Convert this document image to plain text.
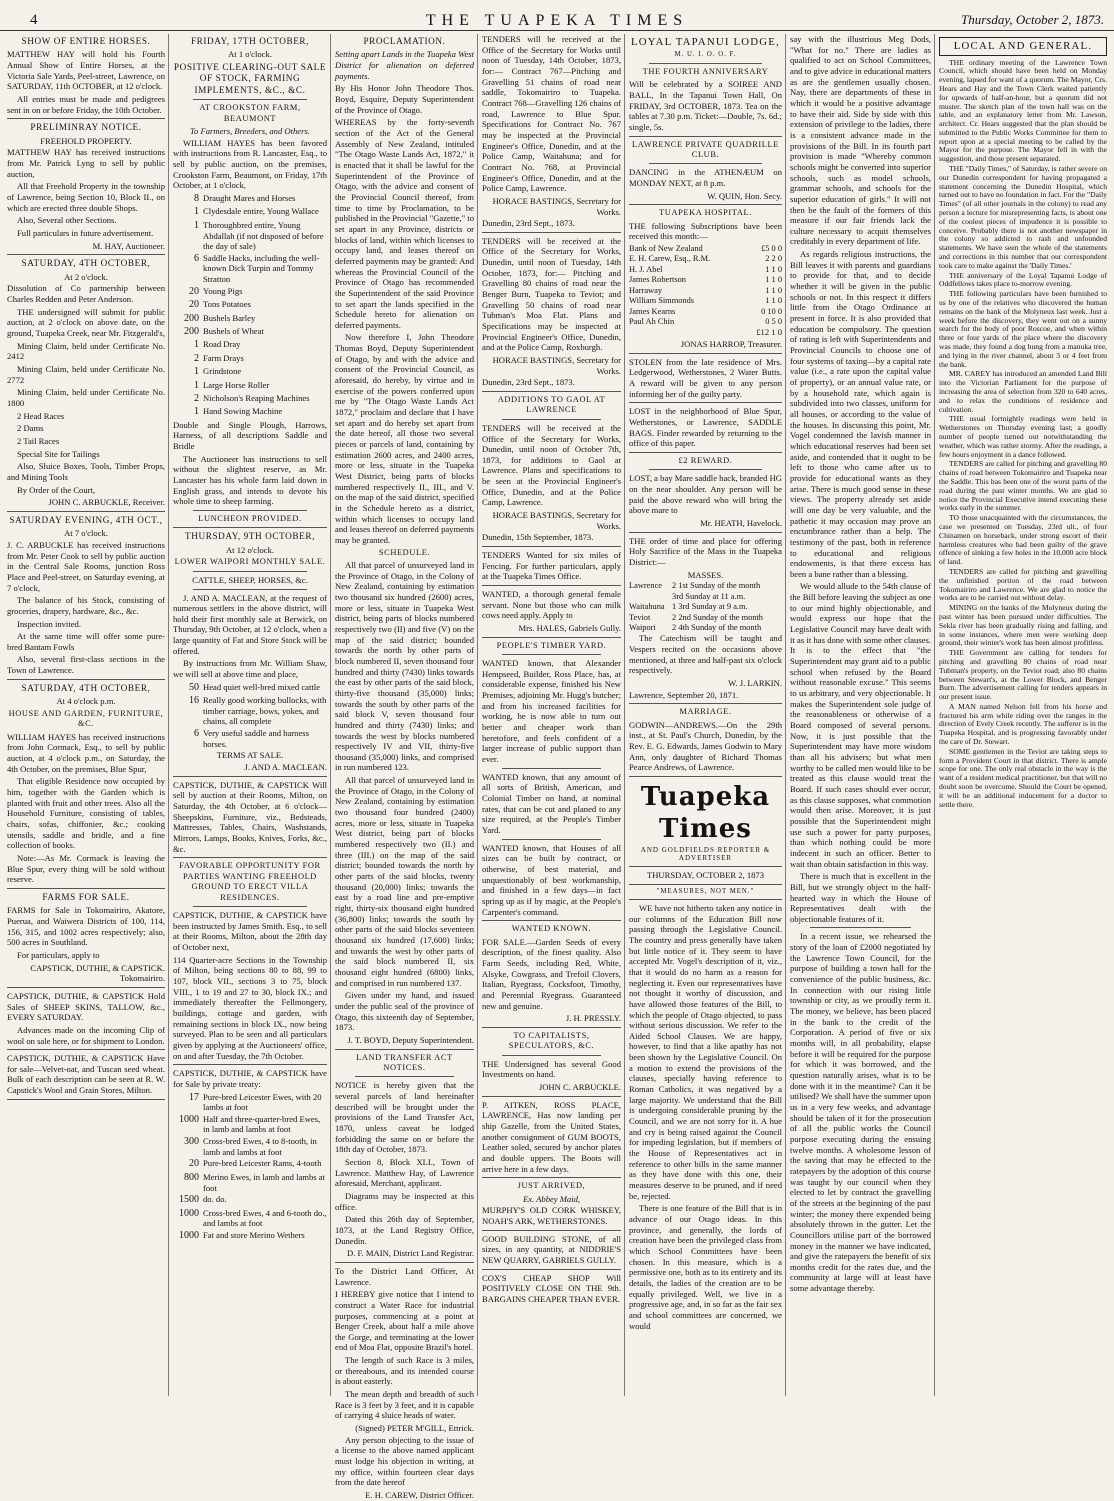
4	THE TUAPEKA TIMES	Thursday, October 2, 1873.
SHOW OF ENTIRE HORSES.

MATTHEW HAY will hold his Fourth Annual Show of Entire Horses, at the Victoria Sale Yards, Peel-street, Lawrence, on SATURDAY, 11th OCTOBER, at 12 o'clock.

All entries must be made and pedigrees sent in on or before Friday, the 10th October.

PRELIMINRAY NOTICE.
FREEHOLD PROPERTY.

MATTHEW HAY has received instructions from Mr. Patrick Lyng to sell by public auction,

All that Freehold Property in the township of Lawrence, being Section 10, Block II., on which are erected three double Shops.

Also, Several other Sections.

Full particulars in future advertisement.

M. HAY, Auctioneer.
SATURDAY, 4TH OCTOBER,
At 2 o'clock.

Dissolution of Co partnership between Charles Redden and Peter Anderson.

THE undersigned will submit for public auction, at 2 o'clock on above date, on the ground, Tuapeka Creek, near Mr. Fitzgerald's,

Mining Claim, held under Certificate No. 2412

Mining Claim, held under Certificate No. 2772

Mining Claim, held under Certificate No. 1800

2 Head Races

2 Dams

2 Tail Races

Special Site for Tailings

Also, Sluice Boxes, Tools, Timber Props, and Mining Tools

By Order of the Court,

JOHN C. ARBUCKLE, Receiver.
SATURDAY EVENING, 4TH OCT.,
At 7 o'clock.

J. C. ARBUCKLE has received instructions from Mr. Peter Cook to sell by public auction in the Central Sale Rooms, junction Ross Place and Peel-street, on Saturday evening, at 7 o'clock,

The balance of his Stock, consisting of groceries, drapery, hardware, &c., &c.

Inspection invited.

At the same time will offer some pure-bred Bantam Fowls

Also, several first-class sections in the Town of Lawrence.

SATURDAY, 4TH OCTOBER,
At 4 o'clock p.m.
HOUSE AND GARDEN, FURNITURE, &C.

WILLIAM HAYES has received instructions from John Cormack, Esq., to sell by public auction, at 4 o'clock p.m., on Saturday, the 4th October, on the premises, Blue Spur,

That eligible Residence now occupied by him, together with the Garden which is planted with fruit and other trees. Also all the Household Furniture, consisting of tables, chairs, sofas, chiffonier, &c.; cooking utensils, saddle and bridle, and a fine collection of books.

Note:—As Mr. Cormack is leaving the Blue Spur, every thing will be sold without reserve.

FARMS FOR SALE.

FARMS for Sale in Tokomairiro, Akatore, Puerua, and Waiwera Districts of 100, 114, 156, 315, and 1002 acres respectively; also, 500 acres in Southland.

For particulars, apply to

CAPSTICK, DUTHIE, & CAPSTICK. Tokomairiro.

CAPSTICK, DUTHIE, & CAPSTICK Hold Sales of SHEEP SKINS, TALLOW, &c., EVERY SATURDAY.

Advances made on the incoming Clip of wool on sale here, or for shipment to London.

CAPSTICK, DUTHIE, & CAPSTICK Have for sale—Velvet-oat, and Tuscan seed wheat. Bulk of each description can be seen at R. W. Capstick's Wool and Grain Stores, Milton.

FRIDAY, 17TH OCTOBER,
At 1 o'clock.
POSITIVE CLEARING-OUT SALE OF STOCK, FARMING IMPLEMENTS, &C., &C.
AT CROOKSTON FARM, BEAUMONT
To Farmers, Breeders, and Others.

WILLIAM HAYES has been favored with instructions from R. Lancaster, Esq., to sell by public auction, on the premises, Crookston Farm, Beaumont, on Friday, 17th October, at 1 o'clock,

8 Draught Mares and Horses
1 Clydesdale entire, Young Wallace
1 Thoroughbred entire, Young Abdallah (if not disposed of before the day of sale)
6 Saddle Hacks, including the well-known Dick Turpin and Tommy Stratton
20 Young Pigs
20 Tons Potatoes
200 Bushels Barley
200 Bushels of Wheat
1 Road Dray
2 Farm Drays
1 Grindstone
1 Large Horse Roller
2 Nicholson's Reaping Machines
1 Hand Sowing Machine

Double and Single Plough, Harrows, Harness, of all descriptions Saddle and Bridle

The Auctioneer has instructions to sell without the slightest reserve, as Mr. Lancaster has his whole farm laid down in English grass, and intends to devote his whole time to sheep farming.

LUNCHEON PROVIDED.
THURSDAY, 9TH OCTOBER,
At 12 o'clock.
LOWER WAIPORI MONTHLY SALE.
CATTLE, SHEEP, HORSES, &c.

J. AND A. MACLEAN, at the request of numerous settlers in the above district, will hold their first monthly sale at Berwick, on Thursday, 9th October, at 12 o'clock, when a large quantity of Fat and Store Stock will be offered.

By instructions from Mr. William Shaw, we will sell at above time and place,

50 Head quiet well-bred mixed cattle
16 Really good working bullocks, with timber carriage, bows, yokes, and chains, all complete
6 Very useful saddle and harness horses.
TERMS AT SALE.
J. AND A. MACLEAN.

CAPSTICK, DUTHIE, & CAPSTICK Will sell by auction at their Rooms, Milton, on Saturday, the 4th October, at 6 o'clock— Sheepskins, Furniture, viz., Bedsteads, Mattresses, Tables, Chairs, Washstands, Mirrors, Lamps, Books, Knives, Forks, &c., &c.

FAVORABLE OPPORTUNITY FOR PARTIES WANTING FREEHOLD GROUND TO ERECT VILLA RESIDENCES.

CAPSTICK, DUTHIE, & CAPSTICK have been instructed by James Smith. Esq., to sell at their Rooms, Milton, about the 28th day of October next,

114 Quarter-acre Sections in the Township of Milton, being sections 80 to 88, 99 to 107, block VII., sections 3 to 75, block VIII., 1 to 19 and 27 to 30, block IX.; and immediately thereafter the Fellmongery, buildings, cottage and garden, with remaining sections in block IX., now being surveyed. Plan to be seen and all particulars given by applying at the Auctioneers' office, on and after Tuesday, the 7th October.

CAPSTICK, DUTHIE, & CAPSTICK have for Sale by private treaty:

17 Pure-bred Leicester Ewes, with 20 lambs at foot
1000 Half and three-quarter-bred Ewes, in lamb and lambs at foot
300 Cross-bred Ewes, 4 to 8-tooth, in lamb and lambs at foot
20 Pure-bred Leicester Rams, 4-tooth
800 Merino Ewes, in lamb and lambs at foot
1500 do. do.
1000 Cross-bred Ewes, 4 and 6-tooth do., and lambs at foot
1000 Fat and store Merino Wethers
PROCLAMATION.

Setting apart Lands in the Tuapeka West District for alienation on deferred payments.

By His Honor John Theodore Thos. Boyd, Esquire, Deputy Superintendent of the Province of Otago.

WHEREAS by the forty-seventh section of the Act of the General Assembly of New Zealand, intituled "The Otago Waste Lands Act, 1872," it is enacted that it shall be lawful for the Superintendent of the Province of Otago, with the advice and consent of the Provincial Council thereof, from time to time by Proclamation, to be published in the Provincial "Gazette," to set apart in any Province, districts or blocks of land, within which licenses to occupy land, and leases thereof on deferred payments may be granted: And whereas the Provincial Council of the Province of Otago has recommended the Superintendent of the said Province to set apart the lands specified in the Schedule hereto for alienation on deferred payments.

Now therefore I, John Theodore Thomas Boyd, Deputy Superintendent of Otago, by and with the advice and consent of the Provincial Council, as aforesaid, do hereby, by virtue and in exercise of the powers conferred upon me by "The Otago Waste Lands Act 1872," proclaim and declare that I have set apart and do hereby set apart from the date hereof, all those two several pieces or parcels of land, containing by estimation 2600 acres, and 2400 acres, more or less, situate in the Tuapeka West District, being parts of blocks numbered respectively II., III., and V. on the map of the said district, specified in the Schedule hereto as a district, within which licenses to occupy land and leases thereof on deferred payments may be granted.

SCHEDULE.

All that parcel of unsurveyed land in the Province of Otago, in the Colony of New Zealand, containing by estimation two thousand six hundred (2600) acres, more or less, situate in Tuapeka West district, being parts of blocks numbered respectively two (II) and five (V) on the map of the said district; bounded towards the north by other parts of block numbered II, seven thousand four hundred and thirty (7430) links towards the east by other parts of the said block, thirty-five thousand (35,000) links; towards the south by other parts of the said block V, seven thousand four hundred and thirty (7430) links; and towards the west by blocks numbered respectively IV and VII, thirty-five thousand (35,000) links, and comprised in run numbered 123.

All that parcel of unsurveyed land in the Province of Otago, in the Colony of New Zealand, containing by estimation two thousand four hundred (2400) acres, more or less, situate in Tuapeka West district, being part of blocks numbered respectively two (II.) and three (III.) on the map of the said district; bounded towards the north by other parts of the said blocks, twenty thousand (20,000) links; towards the east by a road line and pre-emptive right, thirty-six thousand eight hundred (36,800) links; towards the south by other parts of the said blocks seventeen thousand six hundred (17,600) links; and towards the west by other parts of the said block numbered II, six thousand eight hundred (6800) links, and comprised in run numbered 137.

Given under my hand, and issued under the public seal of the province of Otago, this sixteenth day of September, 1873.

J. T. BOYD, Deputy Superintendent.
LAND TRANSFER ACT NOTICES.

NOTICE is hereby given that the several parcels of land hereinafter described will be brought under the provisions of the Land Transfer Act, 1870, unless caveat be lodged forbidding the same on or before the 18th day of October, 1873.

Section 8, Block XLI., Town of Lawrence. Matthew Hay, of Lawrence aforesaid, Merchant, applicant.

Diagrams may be inspected at this office.

Dated this 26th day of September, 1873, at the Land Registry Office, Dunedin.

D. F. MAIN, District Land Registrar.

To the District Land Officer, At Lawrence.

I HEREBY give notice that I intend to construct a Water Race for industrial purposes, commencing at a point at Benger Creek, about half a mile above the Gorge, and terminating at the lower end of Moa Flat, opposite Brazil's hotel.

The length of such Race is 3 miles, or thereabouts, and its intended course is about easterly.

The mean depth and breadth of such Race is 3 feet by 3 feet, and it is capable of carrying 4 sluice heads of water.

(Signed) PETER M'GILL, Ettrick.

Any person objecting to the issue of a license to the above named applicant must lodge his objection in writing, at my office, within fourteen clear days from the date hereof

E. H. CAREW, District Officer.

TENDERS will be received at the Office of the Secretary for Works until noon of Tuesday, 14th October, 1873, for:— Contract 767—Pitching and Gravelling 51 chains of road near saddle, Tokomairiro to Tuapeka. Contract 768—Gravelling 126 chains of road, Lawrence to Blue Spur. Specifications for Contract No. 767 may be inspected at the Provincial Engineer's Office, Dunedin, and at the Police Camp, Waitahuna; and for Contract No. 768, at Provincial Engineer's Office, Dunedin, and at the Police Camp, Lawrence.

HORACE BASTINGS, Secretary for Works.
Dunedin, 23rd Sept., 1873.

TENDERS will be received at the Office of the Secretary for Works, Dunedin, until noon of Tuesday, 14th October, 1873, for:— Pitching and Gravelling 80 chains of road near the Benger Burn, Tuapeka to Teviot; and Gravelling 50 chains of road near Tubman's Moa Flat. Plans and Specifications may be inspected at Provincial Engineer's Office, Dunedin, and at the Police Camp, Roxburgh.

HORACE BASTINGS, Secretary for Works.
Dunedin, 23rd Sept., 1873.
ADDITIONS TO GAOL AT LAWRENCE

TENDERS will be received at the Office of the Secretary for Works, Dunedin, until noon of October 7th, 1873, for additions to Gaol at Lawrence. Plans and specifications to be seen at the Provincial Engineer's Office, Dunedin, and at the Police Camp, Lawrence.

HORACE BASTINGS, Secretary for Works.
Dunedin, 15th September, 1873.

TENDERS Wanted for six miles of Fencing. For further particulars, apply at the Tuapeka Times Office.

WANTED, a thorough general female servant. None but those who can milk cows need apply. Apply to

Mrs. HALES, Gabriels Gully.
PEOPLE'S TIMBER YARD.

WANTED known, that Alexander Hempseed, Builder, Ross Place, has, at considerable expense, finished his New Premises, adjoining Mr. Hugg's butcher; and from his increased facilities for working, he is now able to turn out better and cheaper work than heretofore, and feels confident of a larger increase of public support than ever.

WANTED known, that any amount of all sorts of British, American, and Colonial Timber on hand, at nominal rates, that can be cut and planed to any size required, at the People's Timber Yard.

WANTED known, that Houses of all sizes can be built by contract, or otherwise, of best material, and unquestionably of best workmanship, and finished in a few days—in fact spring up as if by magic, at the People's Carpenter's command.

WANTED KNOWN.

FOR SALE.—Garden Seeds of every description, of the finest quality. Also Farm Seeds, including Red, White, Alsyke, Cowgrass, and Trefoil Clovers, Italian, Ryegrass, Cocksfoot, Timothy, and Perennial Ryegrass. Guaranteed new and genuine.

J. H. PRESSLY.
TO CAPITALISTS, SPECULATORS, &C.

THE Undersigned has several Good Investments on hand.

JOHN C. ARBUCKLE.

P. AITKEN, ROSS PLACE, LAWRENCE, Has now landing per ship Gazelle, from the United States, another consignment of GUM BOOTS, Leather soled, secured by anchor plates and double uppers. The Boots will arrive here in a few days.

JUST ARRIVED,
Ex. Abbey Maid,

MURPHY'S OLD CORK WHISKEY, NOAH'S ARK, WETHERSTONES.

GOOD BUILDING STONE, of all sizes, in any quantity, at NIDDRIE'S NEW QUARRY, GABRIELS GULLY.

COX'S CHEAP SHOP Will POSITIVELY CLOSE ON THE 9th. BARGAINS CHEAPER THAN EVER.

LOYAL TAPANUI LODGE,
M. U. I. O. O. F.
THE FOURTH ANNIVERSARY

Will be celebrated by a SOIREE AND BALL, In the Tapanui Town Hall, On FRIDAY, 3rd OCTOBER, 1873. Tea on the tables at 7.30 p.m. Ticket:—Double, 7s. 6d.; single, 5s.

LAWRENCE PRIVATE QUADRILLE CLUB.

DANCING in the ATHENÆUM on MONDAY NEXT, at 8 p.m.

W. QUIN, Hon. Secy.
TUAPEKA HOSPITAL.

THE following Subscriptions have been received this month:—

Bank of New Zealand	£5 0 0
E. H. Carew, Esq., R.M.	2 2 0
H. J. Abel	1 1 0
James Robertson	1 1 0
Harraway	1 1 0
William Simmonds	1 1 0
James Kearns	0 10 0
Paul Ah Chin	0 5 0
£12 1 0
JONAS HARROP, Treasurer.

STOLEN from the late residence of Mrs. Ledgerwood, Wetherstones, 2 Water Butts. A reward will be given to any person informing her of the guilty party.

LOST in the neighborhood of Blue Spur, Wetherstones, or Lawrence, SADDLE BAGS. Finder rewarded by returning to the office of this paper.

£2 REWARD.

LOST, a bay Mare saddle hack, branded HG on the near shoulder. Any person will be paid the above reward who will bring the above mare to

Mr. HEATH, Havelock.

THE order of time and place for offering Holy Sacrifice of the Mass in the Tuapeka District:—

MASSES.
Lawrence	2 1st Sunday of the month
	3rd Sunday at 11 a.m.
Waitahuna	1 3rd Sunday at 9 a.m.
Teviot	2 2nd Sunday of the month
Waipori	2 4th Sunday of the month

The Catechism will be taught and Vespers recited on the occasions above mentioned, at three and half-past six o'clock respectively.

W. J. LARKIN.
Lawrence, September 20, 1871.
MARRIAGE.

GODWIN—ANDREWS.—On the 29th inst., at St. Paul's Church, Dunedin, by the Rev. E. G. Edwards, James Godwin to Mary Ann, only daughter of Richard Thomas Pearce Andrews, of Lawrence.

Tuapeka Times
AND GOLDFIELDS REPORTER & ADVERTISER
THURSDAY, OCTOBER 2, 1873
"MEASURES, NOT MEN."

WE have not hitherto taken any notice in our columns of the Education Bill now passing through the Legislative Council. The country and press generally have taken but little notice of it. They seem to have accepted Mr. Vogel's description of it, viz., that it would do no harm as a reason for neglecting it. Even our representatives have not thought it worthy of discussion, and have allowed those features of the Bill, to which the people of Otago objected, to pass without serious discussion. We refer to the Aided School Clauses. We are happy, however, to find that a like apathy has not been shown by the Legislative Council. On a motion to extend the provisions of the clauses, specially having reference to Roman Catholics, it was negatived by a large majority. We understand that the Bill is undergoing considerable pruning by the Council, and we are not sorry for it. A hue and cry is being raised against the Council for impeding legislation, but if members of the House of Representatives act in reference to other bills in the same manner as they have done with this one, their measures deserve to be pruned, and if need be, rejected.

There is one feature of the Bill that is in advance of our Otago ideas. In this province, and generally, the lords of creation have been the privileged class from which School Committees have been chosen. In this measure, which is a permissive one, both as to its entirety and its details, the ladies of the creation are to be equally privileged. Well, we live in a progressive age, and, in so far as the fair sex and school committees are concerned, we would

say with the illustrious Meg Dods, "What for no." There are ladies as qualified to act on School Committees, and to give advice in educational matters as are the gentlemen usually chosen. Nay, there are departments of these in which it would be a positive advantage to have their aid. Side by side with this extension of privilege to the ladies, there is a consistent advance made in the provisions of the Bill. In its fourth part provision is made "Whereby common schools might be converted into superior schools, such as model schools, grammar schools, and schools for the superior education of girls." It will not then be the fault of the formers of this measure if our fair friends lack the culture necessary to acquit themselves creditably in every department of life.

As regards religious instructions, the Bill leaves it with parents and guardians to provide for that, and to decide whether it will be given in the public schools or not. In this respect it differs little from the Otago Ordinance at present in force. It is also provided that education be compulsory. The question of rating is left with Superintendents and Provincial Councils to choose one of four systems of taxing—by a capital rate value (i.e., a rate upon the capital value of property), or an annual value rate, or by a household rate, which again is subdivided into two classes, uniform for all houses, or according to the value of the houses. In discussing this point, Mr. Vogel condemned the lavish manner in which educational reserves had been set aside, and contended that it ought to be left to those who came after us to provide for educational wants as they arise. There is much good sense in these views. The property already set aside will one day be very valuable, and the pathetic it may occasion may prove an encumbrance rather than a help. The testimony of the past, both in reference to educational and religious endowments, is that there excess has been a bane rather than a blessing.

We would allude to the 54th clause of the Bill before leaving the subject as one to our mind highly objectionable, and would express our hope that the Legislative Council may have dealt with it as it has done with some other clauses. It is to the effect that "the Superintendent may grant aid to a public school when refused by the Board without reasonable excuse." This seems to us arbitrary, and very objectionable. It makes the Superintendent sole judge of the reasonableness or otherwise of a Board composed of several persons. Now, it is just possible that the Superintendent may have more wisdom than all his advisers; but what men worthy to be called men would like to be treated as this clause would treat the Board. If such cases should ever occur, as this clause supposes, what commotion would then arise. Moreover, it is just possible that the Superintendent might use such a power for party purposes, than which nothing could be more indecent in such an officer. Better to wait than obtain satisfaction in this way.

There is much that is excellent in the Bill, but we strongly object to the half-hearted way in which the House of Representatives dealt with the objectionable features of it.

In a recent issue, we rehearsed the story of the loan of £2000 negotiated by the Lawrence Town Council, for the purpose of building a town hall for the convenience of the public business, &c. In connection with our rising little township or city, as we proudly term it. The money, we believe, has been placed in the bank to the credit of the Corporation. A period of five or six months will, in all probability, elapse before it will be required for the purpose for which it was borrowed, and the question naturally arises, what is to be done with it in the meantime? Can it be utilised? We shall have the summer upon us in a very few weeks, and advantage should be taken of it for the prosecution of all the public works the Council purpose executing during the ensuing twelve months. A wholesome lesson of the saving that may be effected to the ratepayers by the adoption of this course was taught by our council when they elected to let by contract the gravelling of the streets at the beginning of the past winter; the money there expended being absolutely thrown in the gutter. Let the Councillors utilise part of the borrowed money in the manner we have indicated, and give the ratepayers the benefit of six months credit for the rates due, and the community at large will at least have some advantage thereby.

LOCAL AND GENERAL.

THE ordinary meeting of the Lawrence Town Council, which should have been held on Monday evening, lapsed for want of a quorum. The Mayor, Crs. Hears and Hay and the Town Clerk waited patiently for upwards of half-an-hour, but a quorum did not muster. The sketch plan of the town hall was on the table, and an explanatory letter from Mr. Lawson, architect. Cr. Hears suggested that the plan should be submitted to the Public Works Committee for them to report upon at a special meeting to be called by the Mayor for the purpose. The Mayor fell in with the suggestion, and those present separated.

THE "Daily Times," of Saturday, is rather severe on our Dunedin correspondent for having propagated a statement concerning the Dunedin Hospital, which turned out to have no foundation in fact. For the "Daily Times" (of all other journals in the colony) to read any person a lecture for misrepresenting facts, is about one of the coolest pieces of impudence it is possible to conceive. Probably there is not another newspaper in the colony so addicted to rash and unfounded statements. We have seen the whole of the statements and corrections in this number that our correspondent took care to make against the 'Daily Times.'

THE anniversary of the Loyal Tapanui Lodge of Oddfellows takes place to-morrow evening.

THE following particulars have been furnished to us by one of the relatives who discovered the human remains on the bank of the Molyneux last week. Just a week before the discovery, they went out on a sunny search for the body of poor Roscoe, and when within three or four yards of the place where the discovery was made, they found a dog hung from a manuka tree, and lying in the river channel, about 3 or 4 feet from the bank.

MR. CAREY has introduced an amended Land Bill into the Victorian Parliament for the purpose of increasing the area of selection from 320 to 640 acres, and to relax the conditions of residence and cultivation.

THE usual fortnightly readings were held in Wetherstones on Thursday evening last; a goodly number of people turned out notwithstanding the weather, which was rather stormy. After the readings, a few hours enjoyment in a dance followed.

TENDERS are called for pitching and gravelling 80 chains of road between Tokomairiro and Tuapeka near the Saddle. This has been one of the worst parts of the road during the past winter months. We are glad to notice the Provincial Executive intend executing these works early in the summer.

TO those unacquainted with the circumstances, the case we presented on Tuesday, 23rd ult., of four Chinamen on horseback, under strong escort of their harmless creatures who had been guilty of the grave offence of sinking a few holes in the 10,000 acre block of land.

TENDERS are called for pitching and gravelling the unfinished portion of the road between Tokomairiro and Lawrence. We are glad to notice the works are to be carried out without delay.

MINING on the banks of the Molyneux during the past winter has been pursued under difficulties. The Sekla river has been gradually rising and falling, and in some instances, where men were working deep ground, their winter's work has been almost profitless.

THE Government are calling for tenders for pitching and gravelling 80 chains of road near Tubman's property, on the Teviot road; also 80 chains between Stewart's, at the Lower Block, and Benger Burn. The advertisement calling for tenders appears in our present issue.

A MAN named Nelson fell from his horse and fractured his arm while riding over the ranges in the direction of Evely Creek recently. The sufferer is in the Tuapeka Hospital, and is progressing favorably under the care of Dr. Stewart.

SOME gentlemen in the Teviot are taking steps to form a Provident Court in that district. There is ample scope for one. The only real obstacle in the way is the want of a resident medical practitioner, but that will no doubt soon be overcome. Should the Court be opened, it will be an additional inducement for a doctor to settle there.
